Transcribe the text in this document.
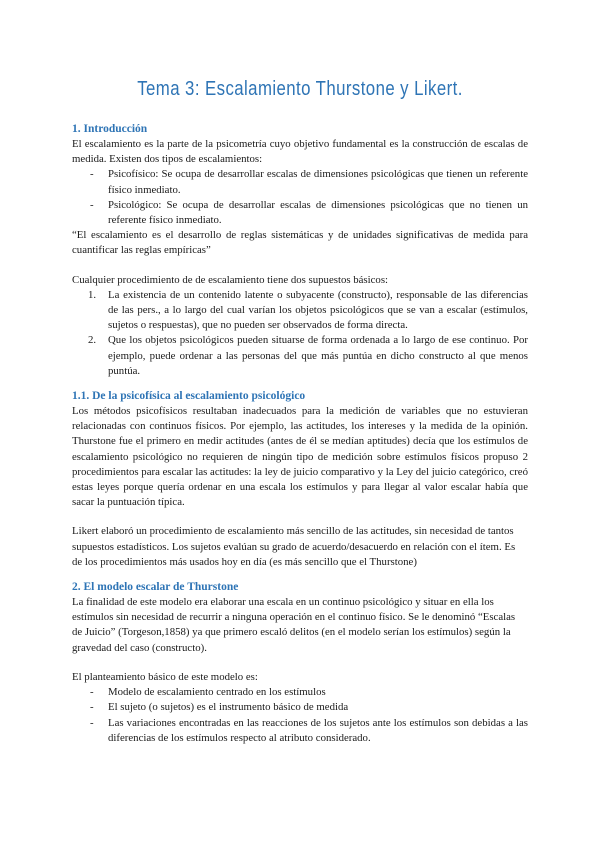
Tema 3: Escalamiento Thurstone y Likert.
1. Introducción

El escalamiento es la parte de la psicometría cuyo objetivo fundamental es la construcción de escalas de medida. Existen dos tipos de escalamientos:

- Psicofísico: Se ocupa de desarrollar escalas de dimensiones psicológicas que tienen un referente físico inmediato.
- Psicológico: Se ocupa de desarrollar escalas de dimensiones psicológicas que no tienen un referente físico inmediato.

“El escalamiento es el desarrollo de reglas sistemáticas y de unidades significativas de medida para cuantificar las reglas empíricas”

Cualquier procedimiento de de escalamiento tiene dos supuestos básicos:

1. La existencia de un contenido latente o subyacente (constructo), responsable de las diferencias de las pers., a lo largo del cual varían los objetos psicológicos que se van a escalar (estímulos, sujetos o respuestas), que no pueden ser observados de forma directa.
2. Que los objetos psicológicos pueden situarse de forma ordenada a lo largo de ese continuo. Por ejemplo, puede ordenar a las personas del que más puntúa en dicho constructo al que menos puntúa.
1.1. De la psicofísica al escalamiento psicológico

Los métodos psicofísicos resultaban inadecuados para la medición de variables que no estuvieran relacionadas con continuos físicos. Por ejemplo, las actitudes, los intereses y la medida de la opinión. Thurstone fue el primero en medir actitudes (antes de él se medían aptitudes) decía que los estímulos de escalamiento psicológico no requieren de ningún tipo de medición sobre estímulos físicos propuso 2 procedimientos para escalar las actitudes: la ley de juicio comparativo y la Ley del juicio categórico, creó estas leyes porque quería ordenar en una escala los estímulos y para llegar al valor escalar había que sacar la puntuación típica.

Likert elaboró un procedimiento de escalamiento más sencillo de las actitudes, sin necesidad de tantos supuestos estadísticos. Los sujetos evalúan su grado de acuerdo/desacuerdo en relación con el ítem. Es de los procedimientos más usados hoy en día (es más sencillo que el Thurstone)

2. El modelo escalar de Thurstone

La finalidad de este modelo era elaborar una escala en un continuo psicológico y situar en ella los estímulos sin necesidad de recurrir a ninguna operación en el continuo físico. Se le denominó “Escalas de Juicio” (Torgeson,1858) ya que primero escaló delitos (en el modelo serían los estímulos) según la gravedad del caso (constructo).

El planteamiento básico de este modelo es:

- Modelo de escalamiento centrado en los estímulos
- El sujeto (o sujetos) es el instrumento básico de medida
- Las variaciones encontradas en las reacciones de los sujetos ante los estímulos son debidas a las diferencias de los estímulos respecto al atributo considerado.
